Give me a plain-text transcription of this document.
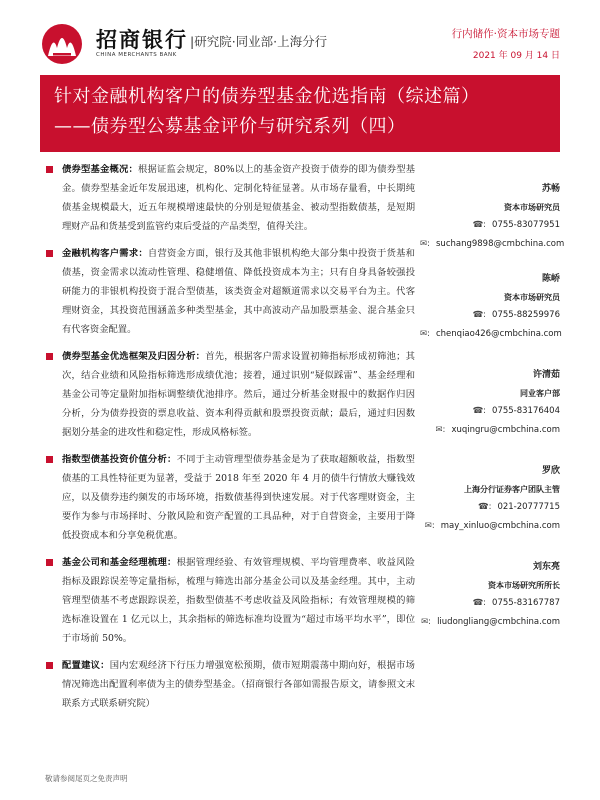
招商银行
CHINA MERCHANTS BANK
|研究院·同业部·上海分行	行内储作·资本市场专题
2021 年 09 月 14 日
针对金融机构客户的债券型基金优选指南（综述篇）
——债券型公募基金评价与研究系列（四）
债券型基金概况：根据证监会规定，80%以上的基金资产投资于债券的即为债券型基金。债券型基金近年发展迅速，机构化、定制化特征显著。从市场存量看，中长期纯债基金规模最大，近五年规模增速最快的分别是短债基金、被动型指数债基，是短期理财产品和货基受到监管约束后受益的产品类型，值得关注。
金融机构客户需求：自营资金方面，银行及其他非银机构绝大部分集中投资于货基和债基，资金需求以流动性管理、稳健增值、降低投资成本为主；只有自身具备较强投研能力的非银机构投资于混合型债基，该类资金对超额道需求以交易平台为主。代客理财资金，其投资范围涵盖多种类型基金，其中高波动产品加股票基金、混合基金只有代客资金配置。
债券型基金优选框架及归因分析：首先，根据客户需求设置初筛指标形成初筛池；其次，结合业绩和风险指标筛选形成绩优池；接着，通过识别“疑似踩雷”、基金经理和基金公司等定量附加指标调整绩优池排序。然后，通过分析基金财报中的数据作归因分析，分为债券投资的票息收益、资本利得贡献和股票投资贡献；最后，通过归因数据划分基金的进攻性和稳定性，形成风格标签。
指数型债基投资价值分析：不同于主动管理型债券基金是为了获取超额收益，指数型债基的工具性特征更为显著，受益于 2018 年至 2020 年 4 月的债牛行情放大赚钱效应，以及债券违约频发的市场环境，指数债基得到快速发展。对于代客理财资金，主要作为参与市场择时、分散风险和资产配置的工具品种，对于自营资金，主要用于降低投资成本和分享免税优惠。
基金公司和基金经理梳理：根据管理经验、有效管理规模、平均管理费率、收益风险指标及跟踪误差等定量指标，梳理与筛选出部分基金公司以及基金经理。其中，主动管理型债基不考虑跟踪误差，指数型债基不考虑收益及风险指标；有效管理规模的筛选标准设置在 1 亿元以上，其余指标的筛选标准均设置为“超过市场平均水平”，即位于市场前 50%。
配置建议：国内宏观经济下行压力增强宽松预期，债市短期震荡中期向好，根据市场情况筛选出配置利率债为主的债券型基金。（招商银行各部如需报告原文，请参照文末联系方式联系研究院）
苏畅
资本市场研究员
☎: 0755-83077951
✉: suchang9898@cmbchina.com
陈峤
资本市场研究员
☎: 0755-88259976
✉: chenqiao426@cmbchina.com
许清茹
同业客户部
☎: 0755-83176404
✉: xuqingru@cmbchina.com
罗欣
上海分行证券客户团队主管
☎: 021-20777715
✉: may_xinluo@cmbchina.com
刘东亮
资本市场研究所所长
☎: 0755-83167787
✉: liudongliang@cmbchina.com
敬请参阅尾页之免责声明
